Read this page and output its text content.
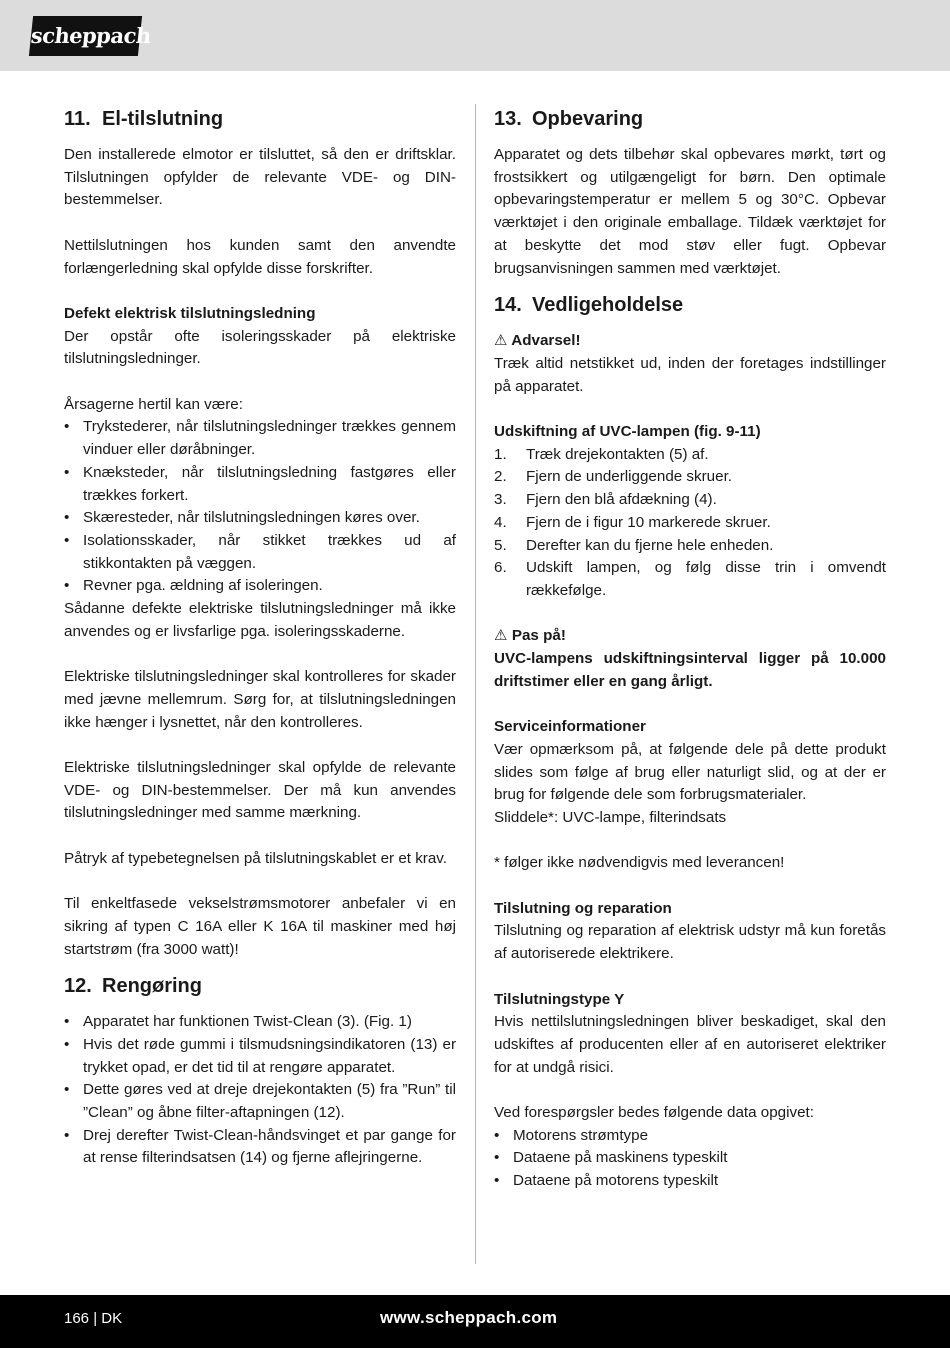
scheppach
11. El-tilslutning

Den installerede elmotor er tilsluttet, så den er driftsklar. Tilslutningen opfylder de relevante VDE- og DIN-bestemmelser.

Nettilslutningen hos kunden samt den anvendte forlængerledning skal opfylde disse forskrifter.

Defekt elektrisk tilslutningsledning

Der opstår ofte isoleringsskader på elektriske tilslutningsledninger.

Årsagerne hertil kan være:

• Trykstederer, når tilslutningsledninger trækkes gennem vinduer eller døråbninger.
• Knæksteder, når tilslutningsledning fastgøres eller trækkes forkert.
• Skæresteder, når tilslutningsledningen køres over.
• Isolationsskader, når stikket trækkes ud af stikkontakten på væggen.
• Revner pga. ældning af isoleringen.

Sådanne defekte elektriske tilslutningsledninger må ikke anvendes og er livsfarlige pga. isoleringsskaderne.

Elektriske tilslutningsledninger skal kontrolleres for skader med jævne mellemrum. Sørg for, at tilslutningsledningen ikke hænger i lysnettet, når den kontrolleres.

Elektriske tilslutningsledninger skal opfylde de relevante VDE- og DIN-bestemmelser. Der må kun anvendes tilslutningsledninger med samme mærkning.

Påtryk af typebetegnelsen på tilslutningskablet er et krav.

Til enkeltfasede vekselstrømsmotorer anbefaler vi en sikring af typen C 16A eller K 16A til maskiner med høj startstrøm (fra 3000 watt)!

12. Rengøring
• Apparatet har funktionen Twist-Clean (3). (Fig. 1)
• Hvis det røde gummi i tilsmudsningsindikatoren (13) er trykket opad, er det tid til at rengøre apparatet.
• Dette gøres ved at dreje drejekontakten (5) fra ”Run” til ”Clean” og åbne filter-aftapningen (12).
• Drej derefter Twist-Clean-håndsvinget et par gange for at rense filterindsatsen (14) og fjerne aflejringerne.
13. Opbevaring

Apparatet og dets tilbehør skal opbevares mørkt, tørt og frostsikkert og utilgængeligt for børn. Den optimale opbevaringstemperatur er mellem 5 og 30°C. Opbevar værktøjet i den originale emballage. Tildæk værktøjet for at beskytte det mod støv eller fugt. Opbevar brugsanvisningen sammen med værktøjet.

14. Vedligeholdelse

⚠ Advarsel!

Træk altid netstikket ud, inden der foretages indstillinger på apparatet.

Udskiftning af UVC-lampen (fig. 9-11)

1. Træk drejekontakten (5) af.
2. Fjern de underliggende skruer.
3. Fjern den blå afdækning (4).
4. Fjern de i figur 10 markerede skruer.
5. Derefter kan du fjerne hele enheden.
6. Udskift lampen, og følg disse trin i omvendt rækkefølge.

⚠ Pas på!

UVC-lampens udskiftningsinterval ligger på 10.000 driftstimer eller en gang årligt.

Serviceinformationer

Vær opmærksom på, at følgende dele på dette produkt slides som følge af brug eller naturligt slid, og at der er brug for følgende dele som forbrugsmaterialer.

Sliddele*: UVC-lampe, filterindsats

* følger ikke nødvendigvis med leverancen!

Tilslutning og reparation

Tilslutning og reparation af elektrisk udstyr må kun foretås af autoriserede elektrikere.

Tilslutningstype Y

Hvis nettilslutningsledningen bliver beskadiget, skal den udskiftes af producenten eller af en autoriseret elektriker for at undgå risici.

Ved forespørgsler bedes følgende data opgivet:

• Motorens strømtype
• Dataene på maskinens typeskilt
• Dataene på motorens typeskilt
166 | DK	www.scheppach.com
